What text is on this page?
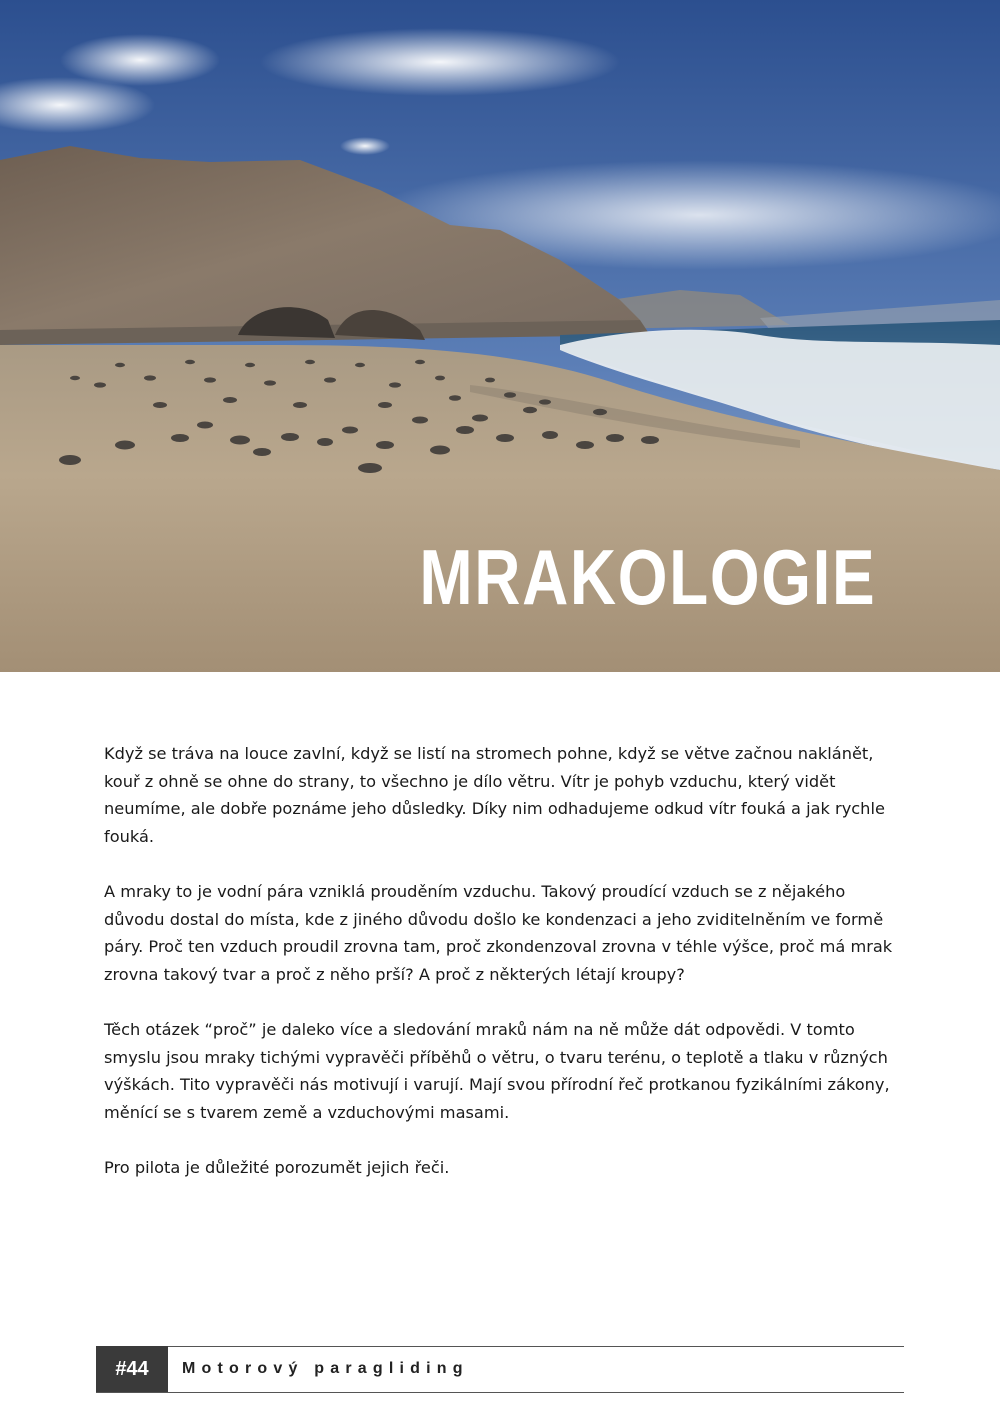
MRAKOLOGIE

Když se tráva na louce zavlní, když se listí na stromech pohne, když se větve začnou naklánět, kouř z ohně se ohne do strany, to všechno je dílo větru. Vítr je pohyb vzduchu, který vidět neumíme, ale dobře poznáme jeho důsledky. Díky nim odhadujeme odkud vítr fouká a jak rychle fouká.

A mraky to je vodní pára vzniklá prouděním vzduchu. Takový proudící vzduch se z nějakého důvodu dostal do místa, kde z jiného důvodu došlo ke kondenzaci a jeho zviditelněním ve formě páry. Proč ten vzduch proudil zrovna tam, proč zkondenzoval zrovna v téhle výšce, proč má mrak zrovna takový tvar a proč z něho prší? A proč z některých létají kroupy?

Těch otázek “proč” je daleko více a sledování mraků nám na ně může dát odpovědi. V tomto smyslu jsou mraky tichými vypravěči příběhů o větru, o tvaru terénu, o teplotě a tlaku v různých výškách. Tito vypravěči nás motivují i varují. Mají svou přírodní řeč protkanou fyzikálními zákony, měnící se s tvarem země a vzduchovými masami.

Pro pilota je důležité porozumět jejich řeči.

#44	Motorový paragliding
